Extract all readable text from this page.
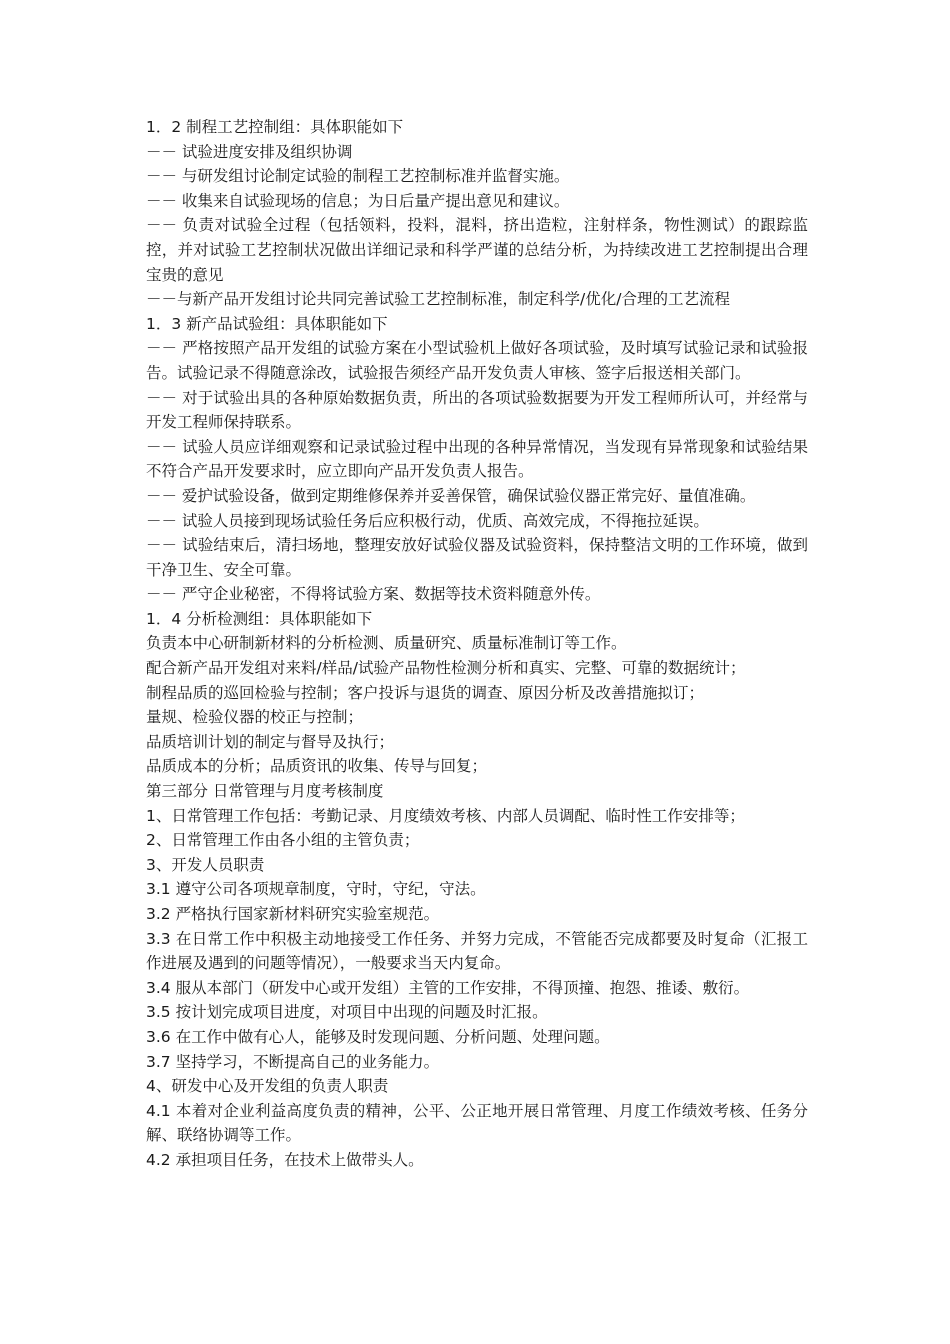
1．2 制程工艺控制组：具体职能如下

－－ 试验进度安排及组织协调

－－ 与研发组讨论制定试验的制程工艺控制标准并监督实施。

－－ 收集来自试验现场的信息；为日后量产提出意见和建议。

－－ 负责对试验全过程（包括领料，投料，混料，挤出造粒，注射样条，物性测试）的跟踪监控，并对试验工艺控制状况做出详细记录和科学严谨的总结分析，为持续改进工艺控制提出合理宝贵的意见

－－与新产品开发组讨论共同完善试验工艺控制标准，制定科学/优化/合理的工艺流程

1．3 新产品试验组：具体职能如下

－－ 严格按照产品开发组的试验方案在小型试验机上做好各项试验，及时填写试验记录和试验报告。试验记录不得随意涂改，试验报告须经产品开发负责人审核、签字后报送相关部门。

－－ 对于试验出具的各种原始数据负责，所出的各项试验数据要为开发工程师所认可，并经常与开发工程师保持联系。

－－ 试验人员应详细观察和记录试验过程中出现的各种异常情况，当发现有异常现象和试验结果不符合产品开发要求时，应立即向产品开发负责人报告。

－－ 爱护试验设备，做到定期维修保养并妥善保管，确保试验仪器正常完好、量值准确。

－－ 试验人员接到现场试验任务后应积极行动，优质、高效完成，不得拖拉延误。

－－ 试验结束后，清扫场地，整理安放好试验仪器及试验资料，保持整洁文明的工作环境，做到干净卫生、安全可靠。

－－ 严守企业秘密，不得将试验方案、数据等技术资料随意外传。

1．4 分析检测组：具体职能如下

负责本中心研制新材料的分析检测、质量研究、质量标准制订等工作。

配合新产品开发组对来料/样品/试验产品物性检测分析和真实、完整、可靠的数据统计；

制程品质的巡回检验与控制；客户投诉与退货的调查、原因分析及改善措施拟订；

量规、检验仪器的校正与控制；

品质培训计划的制定与督导及执行；

品质成本的分析；品质资讯的收集、传导与回复；

第三部分 日常管理与月度考核制度

1、日常管理工作包括：考勤记录、月度绩效考核、内部人员调配、临时性工作安排等；

2、日常管理工作由各小组的主管负责；

3、开发人员职责

3.1 遵守公司各项规章制度，守时，守纪，守法。

3.2 严格执行国家新材料研究实验室规范。

3.3 在日常工作中积极主动地接受工作任务、并努力完成，不管能否完成都要及时复命（汇报工作进展及遇到的问题等情况），一般要求当天内复命。

3.4 服从本部门（研发中心或开发组）主管的工作安排，不得顶撞、抱怨、推诿、敷衍。

3.5 按计划完成项目进度，对项目中出现的问题及时汇报。

3.6 在工作中做有心人，能够及时发现问题、分析问题、处理问题。

3.7 坚持学习，不断提高自己的业务能力。

4、研发中心及开发组的负责人职责

4.1 本着对企业利益高度负责的精神，公平、公正地开展日常管理、月度工作绩效考核、任务分解、联络协调等工作。

4.2 承担项目任务，在技术上做带头人。
